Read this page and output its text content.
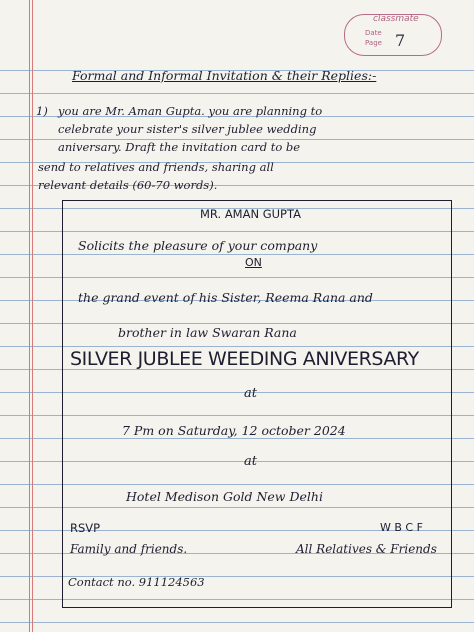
classmate
Date
Page 7
Formal and Informal Invitation & their Replies:-
1) you are Mr. Aman Gupta. you are planning to
celebrate your sister's silver jublee wedding
aniversary. Draft the invitation card to be
send to relatives and friends, sharing all
relevant details (60-70 words).
MR. AMAN GUPTA
Solicits the pleasure of your company
ON
the grand event of his Sister, Reema Rana and
brother in law Swaran Rana
SILVER JUBLEE WEEDING ANIVERSARY
at
7 Pm on Saturday, 12 october 2024
at
Hotel Medison Gold New Delhi
RSVP	W B C F
Family and friends.	All Relatives & Friends
Contact no. 911124563
